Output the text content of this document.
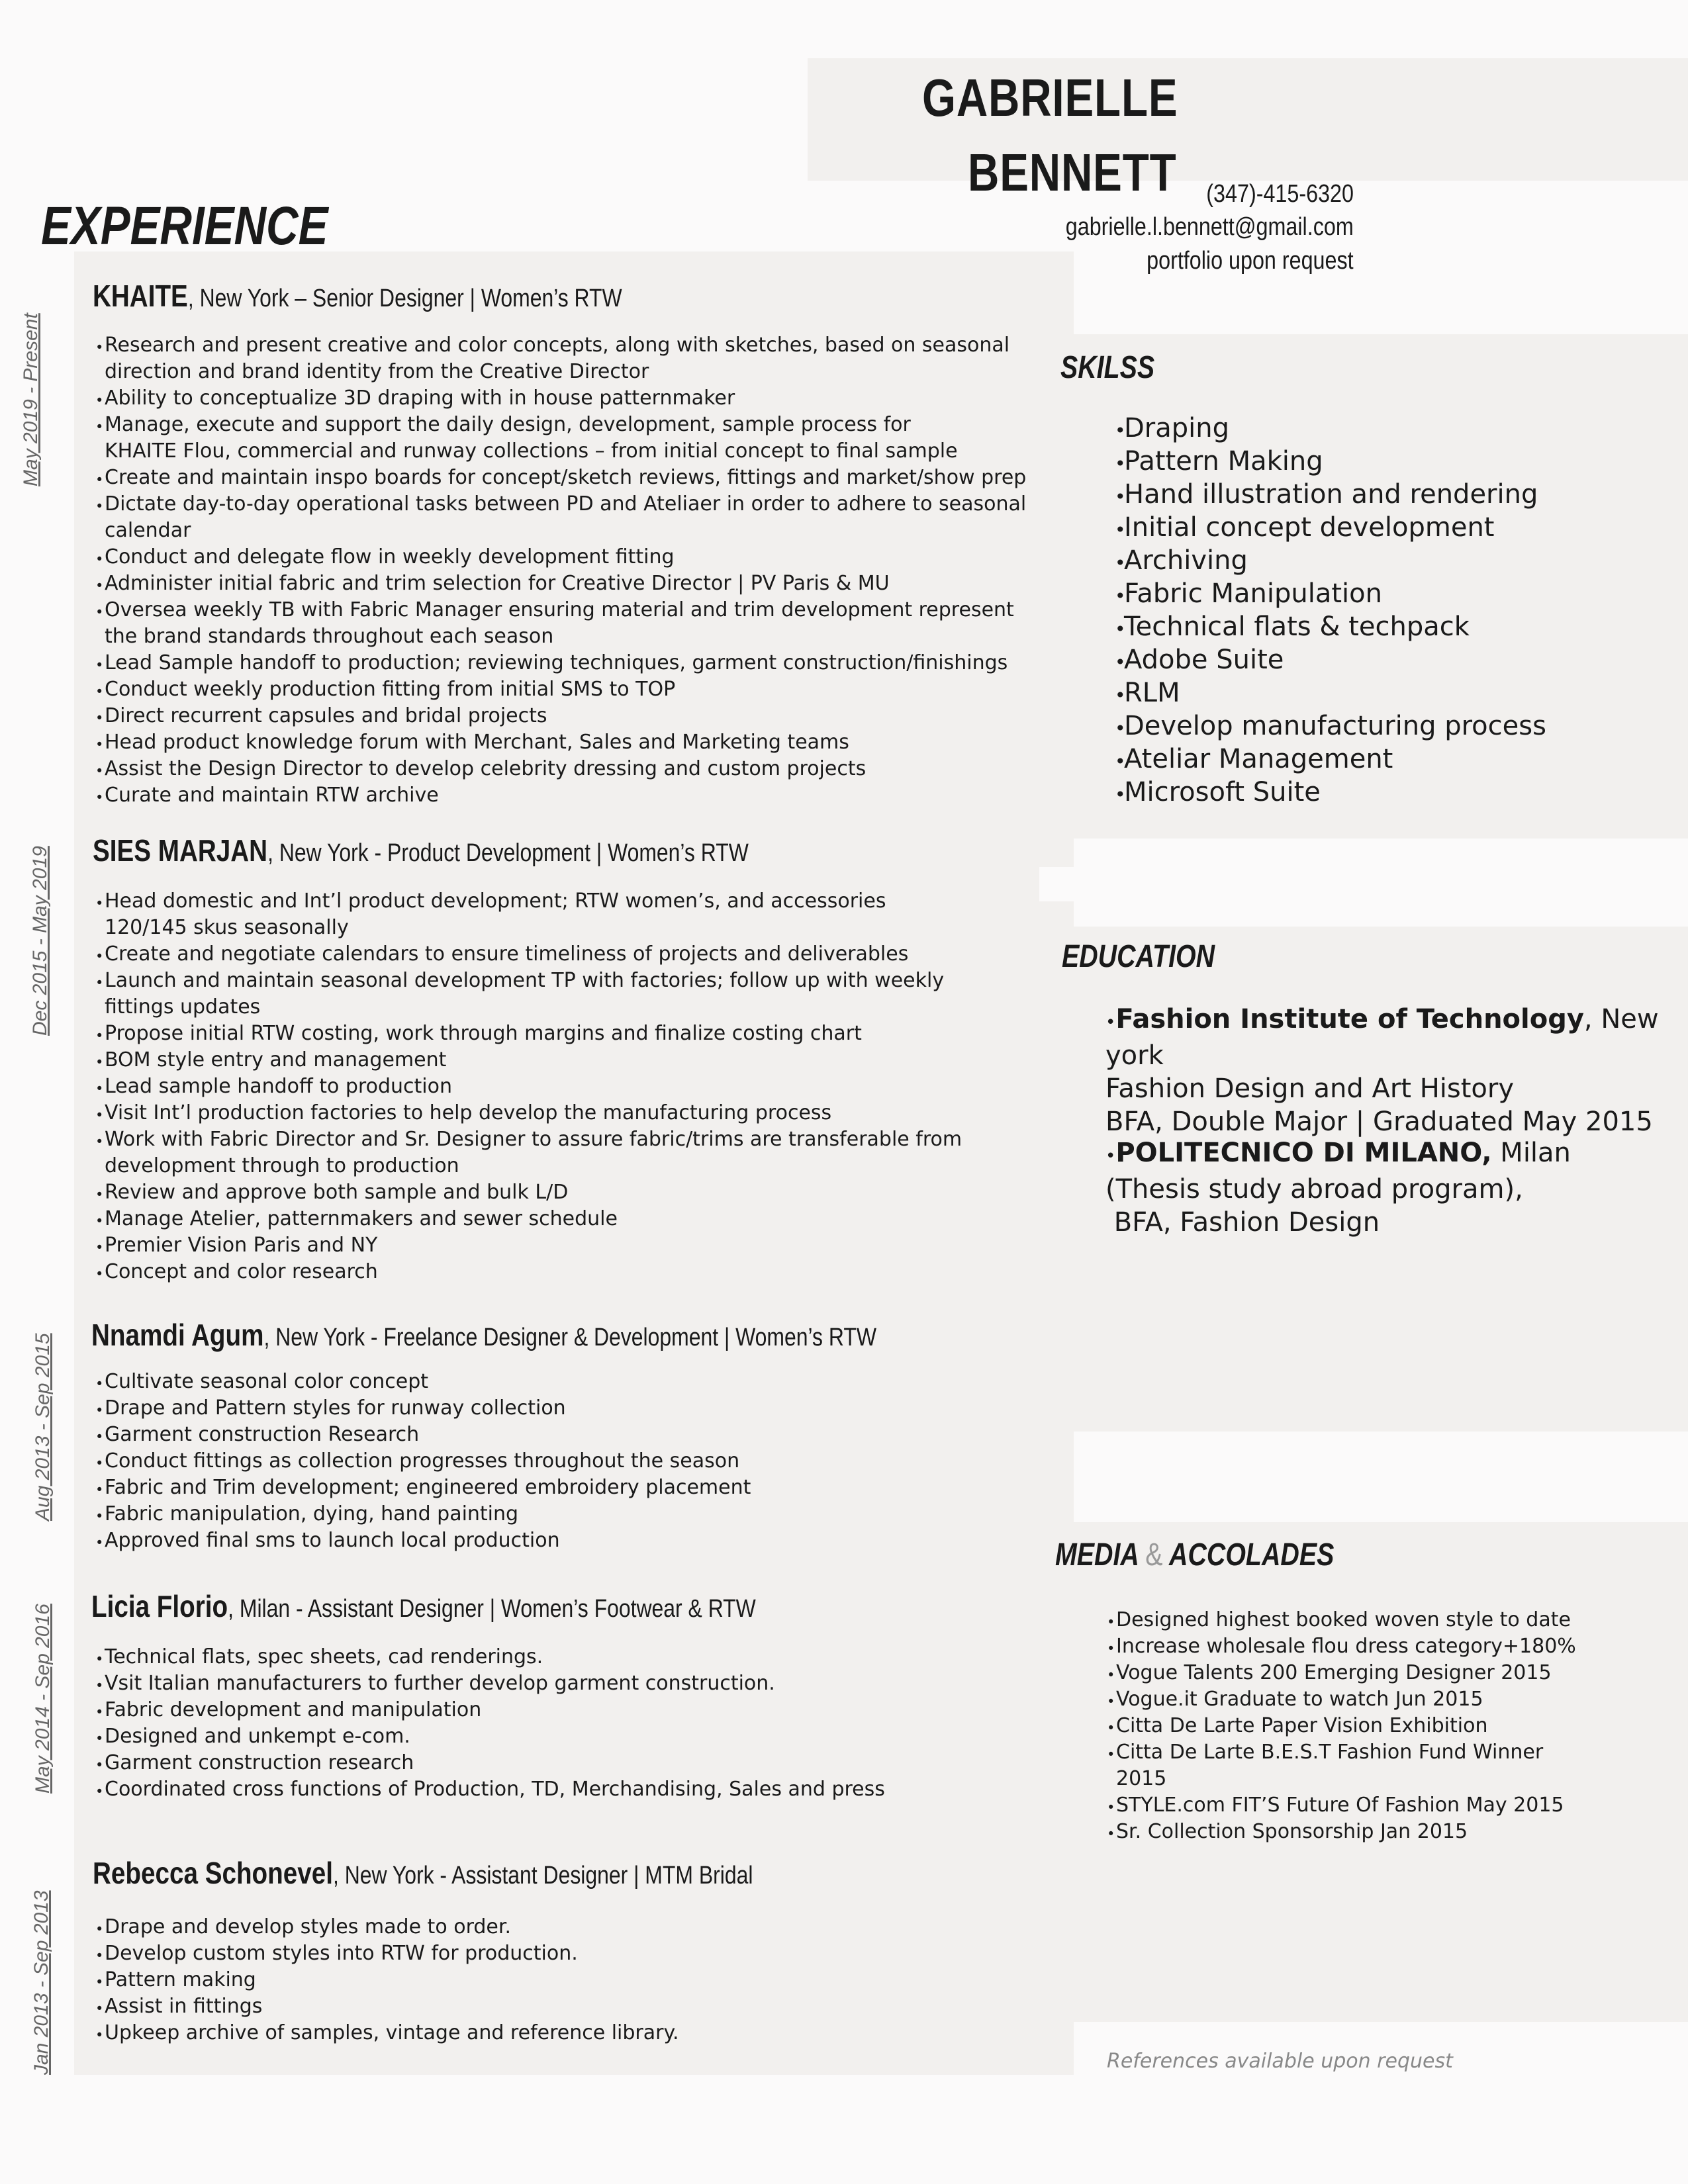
GABRIELLE
BENNETT (347)-415-6320
gabrielle.l.bennett@gmail.com
portfolio upon request
EXPERIENCE
KHAITE, New York – Senior Designer | Women’s RTW
May 2019 - Present	• Research and present creative and color concepts, along with sketches, based on seasonal direction and brand identity from the Creative Director
• Ability to conceptualize 3D draping with in house patternmaker
• Manage, execute and support the daily design, development, sample process for KHAITE Flou, commercial and runway collections – from initial concept to final sample
• Create and maintain inspo boards for concept/sketch reviews, fittings and market/show prep
• Dictate day-to-day operational tasks between PD and Ateliaer in order to adhere to seasonal calendar
• Conduct and delegate flow in weekly development fitting
• Administer initial fabric and trim selection for Creative Director | PV Paris & MU
• Oversea weekly TB with Fabric Manager ensuring material and trim development represent the brand standards throughout each season
• Lead Sample handoff to production; reviewing techniques, garment construction/finishings
• Conduct weekly production fitting from initial SMS to TOP
• Direct recurrent capsules and bridal projects
• Head product knowledge forum with Merchant, Sales and Marketing teams
• Assist the Design Director to develop celebrity dressing and custom projects
• Curate and maintain RTW archive
SIES MARJAN, New York - Product Development | Women’s RTW
Dec 2015 - May 2019	• Head domestic and Int’l product development; RTW women’s, and accessories 120/145 skus seasonally
• Create and negotiate calendars to ensure timeliness of projects and deliverables
• Launch and maintain seasonal development TP with factories; follow up with weekly fittings updates
• Propose initial RTW costing, work through margins and finalize costing chart
• BOM style entry and management
• Lead sample handoff to production
• Visit Int’l production factories to help develop the manufacturing process
• Work with Fabric Director and Sr. Designer to assure fabric/trims are transferable from development through to production
• Review and approve both sample and bulk L/D
• Manage Atelier, patternmakers and sewer schedule
• Premier Vision Paris and NY
• Concept and color research
Nnamdi Agum, New York - Freelance Designer & Development | Women’s RTW
Aug 2013 - Sep 2015	• Cultivate seasonal color concept
• Drape and Pattern styles for runway collection
• Garment construction Research
• Conduct fittings as collection progresses throughout the season
• Fabric and Trim development; engineered embroidery placement
• Fabric manipulation, dying, hand painting
• Approved final sms to launch local production
Licia Florio, Milan - Assistant Designer | Women’s Footwear & RTW
May 2014 - Sep 2016	• Technical flats, spec sheets, cad renderings.
• Vsit Italian manufacturers to further develop garment construction.
• Fabric development and manipulation
• Designed and unkempt e-com.
• Garment construction research
• Coordinated cross functions of Production, TD, Merchandising, Sales and press
Rebecca Schonevel, New York - Assistant Designer | MTM Bridal
Jan 2013 - Sep 2013	• Drape and develop styles made to order.
• Develop custom styles into RTW for production.
• Pattern making
• Assist in fittings
• Upkeep archive of samples, vintage and reference library.
SKILSS
• Draping
• Pattern Making
• Hand illustration and rendering
• Initial concept development
• Archiving
• Fabric Manipulation
• Technical flats & techpack
• Adobe Suite
• RLM
• Develop manufacturing process
• Ateliar Management
• Microsoft Suite
EDUCATION
•Fashion Institute of Technology, New york
Fashion Design and Art History
BFA, Double Major | Graduated May 2015
•POLITECNICO DI MILANO, Milan
(Thesis study abroad program),
BFA, Fashion Design
MEDIA & ACCOLADES
• Designed highest booked woven style to date
• Increase wholesale flou dress category+180%
• Vogue Talents 200 Emerging Designer 2015
• Vogue.it Graduate to watch Jun 2015
• Citta De Larte Paper Vision Exhibition
• Citta De Larte B.E.S.T Fashion Fund Winner 2015
• STYLE.com FIT’S Future Of Fashion May 2015
• Sr. Collection Sponsorship Jan 2015
References available upon request
